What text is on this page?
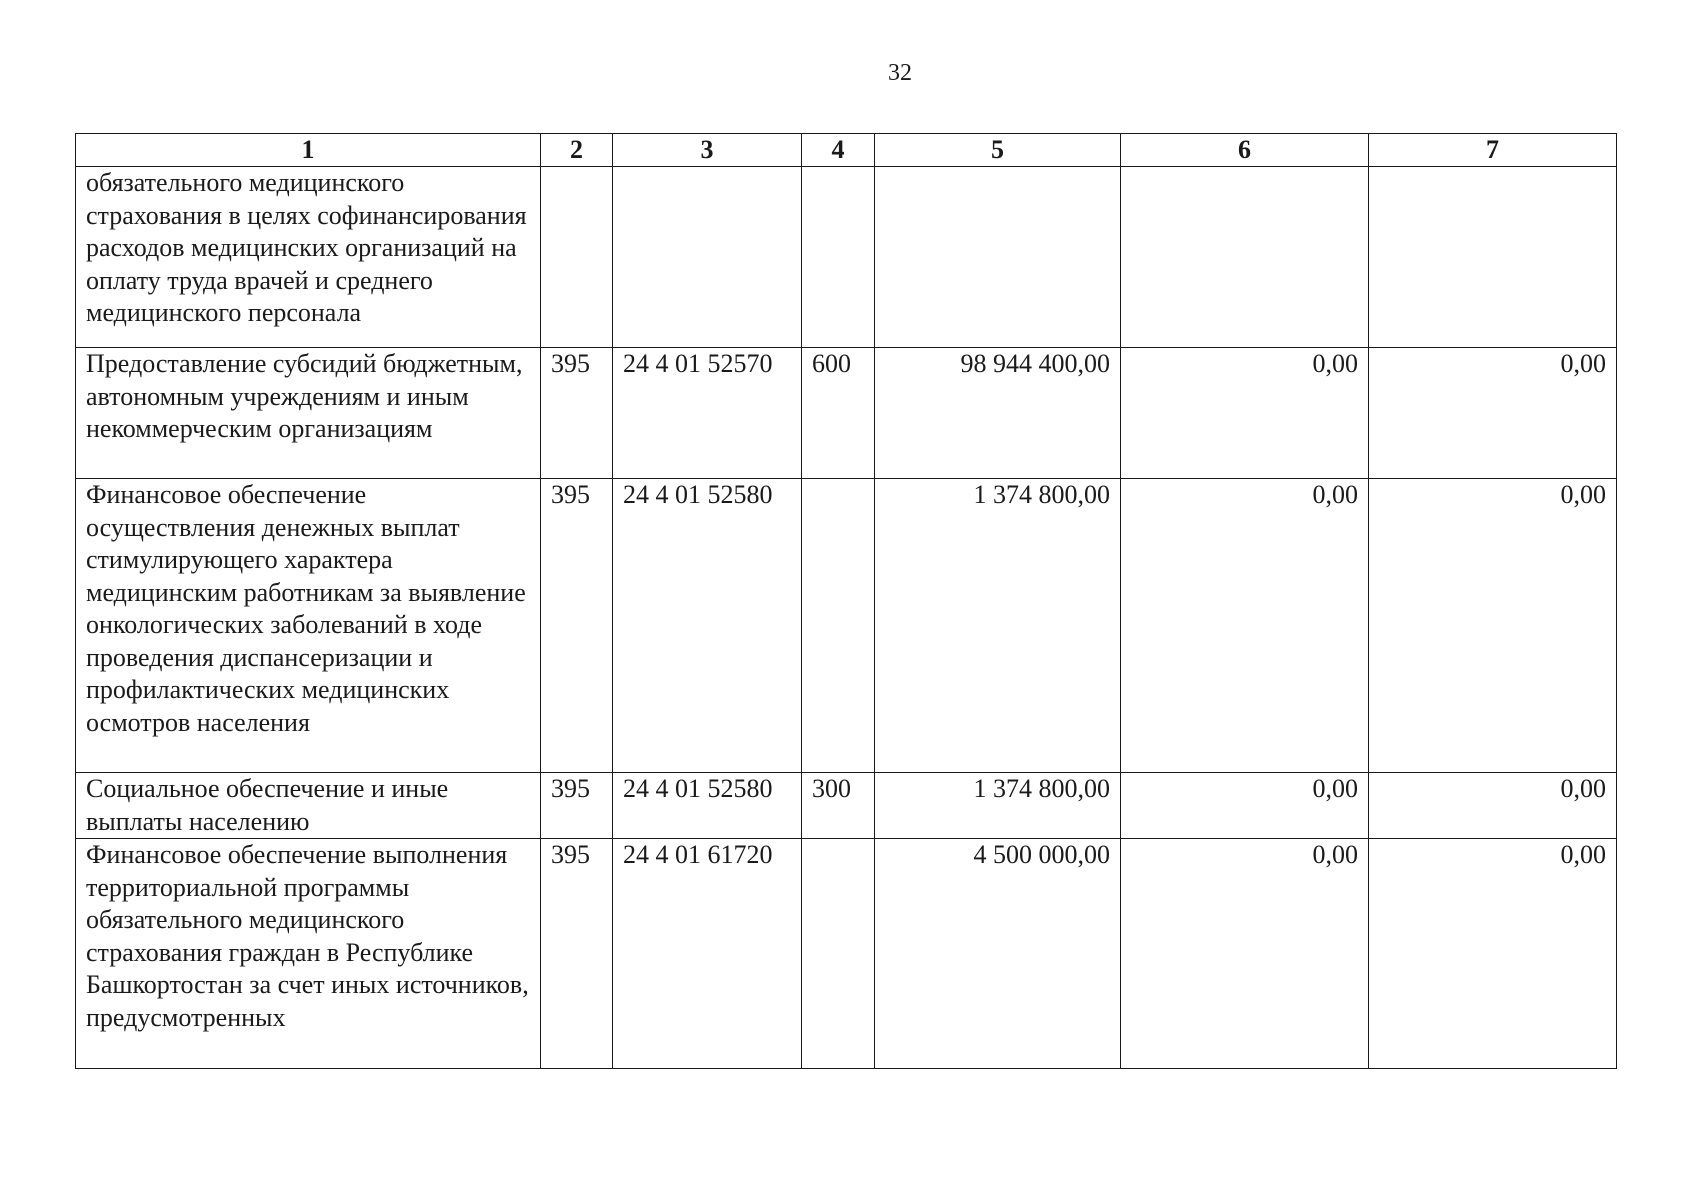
32
1	2	3	4	5	6	7
обязательного медицинского страхования в целях софинансирования расходов медицинских организаций на оплату труда врачей и среднего медицинского персонала						
Предоставление субсидий бюджетным, автономным учреждениям и иным некоммерческим организациям	395	24 4 01 52570	600	98 944 400,00	0,00	0,00
Финансовое обеспечение осуществления денежных выплат стимулирующего характера медицинским работникам за выявление онкологических заболеваний в ходе проведения диспансеризации и профилактических медицинских осмотров населения	395	24 4 01 52580		1 374 800,00	0,00	0,00
Социальное обеспечение и иные выплаты населению	395	24 4 01 52580	300	1 374 800,00	0,00	0,00
Финансовое обеспечение выполнения территориальной программы обязательного медицинского страхования граждан в Республике Башкортостан за счет иных источников, предусмотренных	395	24 4 01 61720		4 500 000,00	0,00	0,00
